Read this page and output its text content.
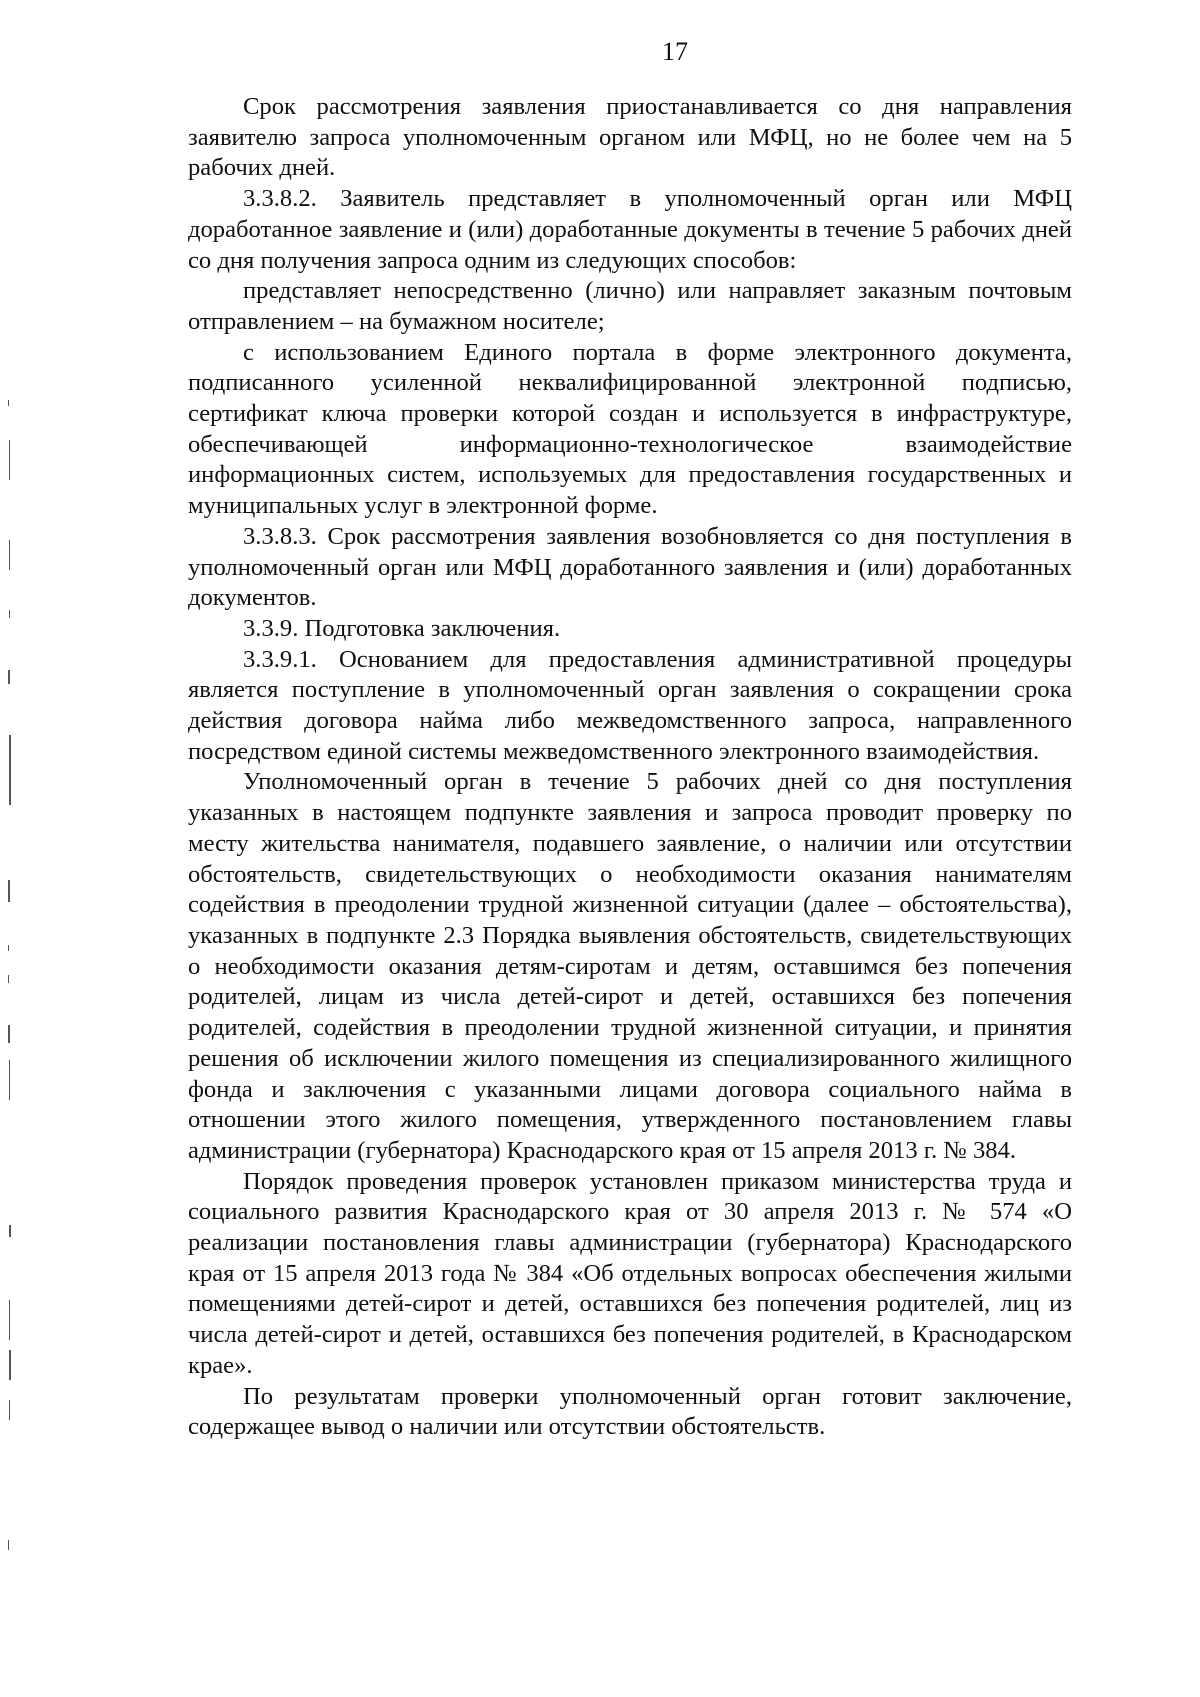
17

Срок рассмотрения заявления приостанавливается со дня направления заявителю запроса уполномоченным органом или МФЦ, но не более чем на 5 рабочих дней.

3.3.8.2. Заявитель представляет в уполномоченный орган или МФЦ доработанное заявление и (или) доработанные документы в течение 5 рабочих дней со дня получения запроса одним из следующих способов:

представляет непосредственно (лично) или направляет заказным почтовым отправлением – на бумажном носителе;

с использованием Единого портала в форме электронного документа, подписанного усиленной неквалифицированной электронной подписью, сертификат ключа проверки которой создан и используется в инфраструктуре, обеспечивающей информационно-технологическое взаимодействие информационных систем, используемых для предоставления государственных и муниципальных услуг в электронной форме.

3.3.8.3. Срок рассмотрения заявления возобновляется со дня поступления в уполномоченный орган или МФЦ доработанного заявления и (или) доработанных документов.

3.3.9. Подготовка заключения.

3.3.9.1. Основанием для предоставления административной процедуры является поступление в уполномоченный орган заявления о сокращении срока действия договора найма либо межведомственного запроса, направленного посредством единой системы межведомственного электронного взаимодействия.

Уполномоченный орган в течение 5 рабочих дней со дня поступления указанных в настоящем подпункте заявления и запроса проводит проверку по месту жительства нанимателя, подавшего заявление, о наличии или отсутствии обстоятельств, свидетельствующих о необходимости оказания нанимателям содействия в преодолении трудной жизненной ситуации (далее – обстоятельства), указанных в подпункте 2.3 Порядка выявления обстоятельств, свидетельствующих о необходимости оказания детям-сиротам и детям, оставшимся без попечения родителей, лицам из числа детей-сирот и детей, оставшихся без попечения родителей, содействия в преодолении трудной жизненной ситуации, и принятия решения об исключении жилого помещения из специализированного жилищного фонда и заключения с указанными лицами договора социального найма в отношении этого жилого помещения, утвержденного постановлением главы администрации (губернатора) Краснодарского края от 15 апреля 2013 г. № 384.

Порядок проведения проверок установлен приказом министерства труда и социального развития Краснодарского края от 30 апреля 2013 г. № 574 «О реализации постановления главы администрации (губернатора) Краснодарского края от 15 апреля 2013 года № 384 «Об отдельных вопросах обеспечения жилыми помещениями детей-сирот и детей, оставшихся без попечения родителей, лиц из числа детей-сирот и детей, оставшихся без попечения родителей, в Краснодарском крае».

По результатам проверки уполномоченный орган готовит заключение, содержащее вывод о наличии или отсутствии обстоятельств.
